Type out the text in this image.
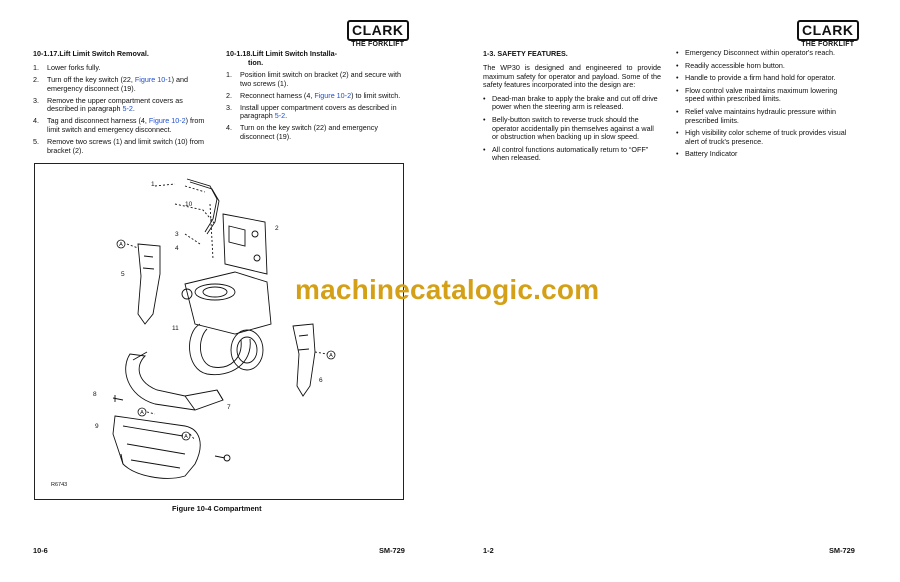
CLARK
THE FORKLIFT
10-1.17.Lift Limit Switch Removal.
1. Lower forks fully.
2. Turn off the key switch (22, Figure 10-1) and emergency disconnect (19).
3. Remove the upper compartment covers as described in paragraph 5-2.
4. Tag and disconnect harness (4, Figure 10-2) from limit switch and emergency disconnect.
5. Remove two screws (1) and limit switch (10) from bracket (2).
10-1.18.Lift Limit Switch Installa-
tion.
1. Position limit switch on bracket (2) and secure with two screws (1).
2. Reconnect harness (4, Figure 10-2) to limit switch.
3. Install upper compartment covers as described in paragraph 5-2.
4. Turn on the key switch (22) and emergency disconnect (19).
1
10
2
3
4
5
11
6
7
8
9
A
A
A
A
R6743
Figure 10-4 Compartment
10-6	SM-729
CLARK
THE FORKLIFT
1-3. SAFETY FEATURES.
The WP30 is designed and engineered to provide maximum safety for operator and payload. Some of the safety features incorporated into the design are:
• Dead-man brake to apply the brake and cut off drive power when the steering arm is released.
• Belly-button switch to reverse truck should the operator accidentally pin themselves against a wall or obstruction when backing up in slow speed.
• All control functions automatically return to “OFF” when released.
• Emergency Disconnect within operator's reach.
• Readily accessible horn button.
• Handle to provide a firm hand hold for operator.
• Flow control valve maintains maximum lowering speed within prescribed limits.
• Relief valve maintains hydraulic pressure within prescribed limits.
• High visibility color scheme of truck provides visual alert of truck's presence.
• Battery Indicator
1-2	SM-729
machinecatalogic.com
